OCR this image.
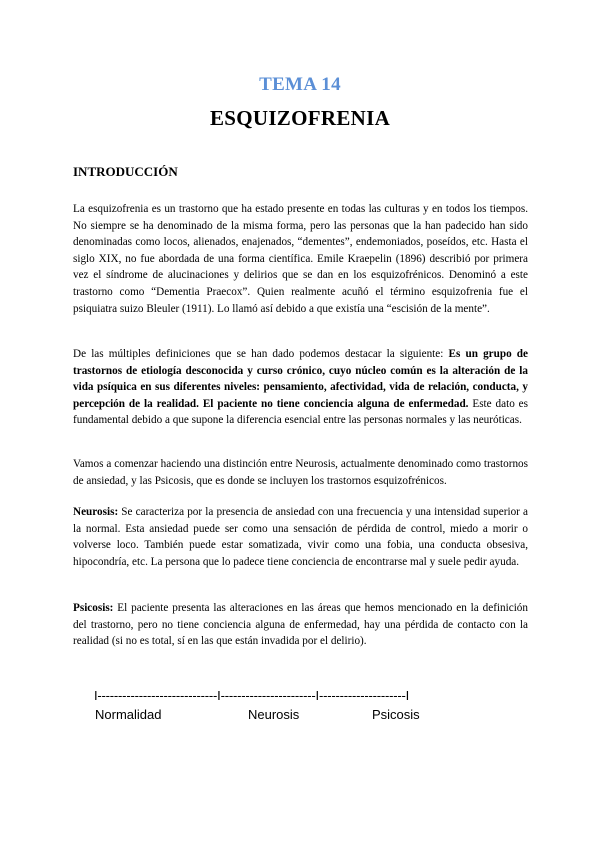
TEMA 14
ESQUIZOFRENIA
INTRODUCCIÓN

La esquizofrenia es un trastorno que ha estado presente en todas las culturas y en todos los tiempos. No siempre se ha denominado de la misma forma, pero las personas que la han padecido han sido denominadas como locos, alienados, enajenados, “dementes”, endemoniados, poseídos, etc. Hasta el siglo XIX, no fue abordada de una forma científica. Emile Kraepelin (1896) describió por primera vez el síndrome de alucinaciones y delirios que se dan en los esquizofrénicos. Denominó a este trastorno como “Dementia Praecox”. Quien realmente acuñó el término esquizofrenia fue el psiquiatra suizo Bleuler (1911). Lo llamó así debido a que existía una “escisión de la mente”.

De las múltiples definiciones que se han dado podemos destacar la siguiente: Es un grupo de trastornos de etiología desconocida y curso crónico, cuyo núcleo común es la alteración de la vida psíquica en sus diferentes niveles: pensamiento, afectividad, vida de relación, conducta, y percepción de la realidad. El paciente no tiene conciencia alguna de enfermedad. Este dato es fundamental debido a que supone la diferencia esencial entre las personas normales y las neuróticas.

Vamos a comenzar haciendo una distinción entre Neurosis, actualmente denominado como trastornos de ansiedad, y las Psicosis, que es donde se incluyen los trastornos esquizofrénicos.

Neurosis: Se caracteriza por la presencia de ansiedad con una frecuencia y una intensidad superior a la normal. Esta ansiedad puede ser como una sensación de pérdida de control, miedo a morir o volverse loco. También puede estar somatizada, vivir como una fobia, una conducta obsesiva, hipocondría, etc. La persona que lo padece tiene conciencia de encontrarse mal y suele pedir ayuda.

Psicosis: El paciente presenta las alteraciones en las áreas que hemos mencionado en la definición del trastorno, pero no tiene conciencia alguna de enfermedad, hay una pérdida de contacto con la realidad (si no es total, sí en las que están invadida por el delirio).

I-----------------------------I-----------------------I---------------------I
Normalidad	Neurosis	Psicosis
